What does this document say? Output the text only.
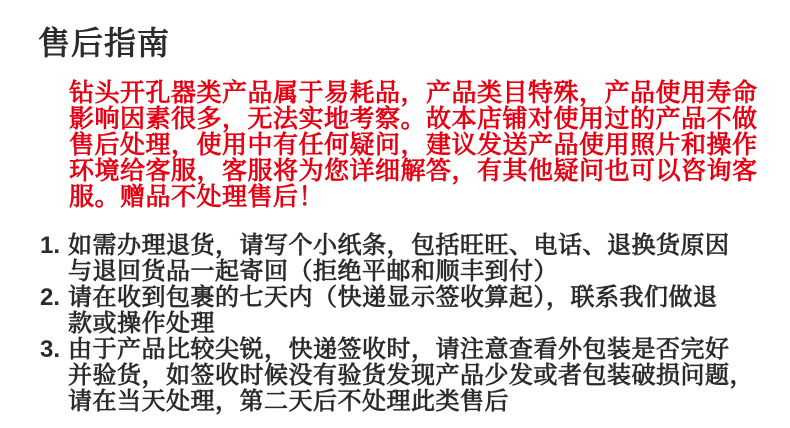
售后指南
钻头开孔器类产品属于易耗品，产品类目特殊，产品使用寿命
影响因素很多，无法实地考察。故本店铺对使用过的产品不做
售后处理，使用中有任何疑问，建议发送产品使用照片和操作
环境给客服，客服将为您详细解答，有其他疑问也可以咨询客
服。赠品不处理售后！
1. 如需办理退货，请写个小纸条，包括旺旺、电话、退换货原因
与退回货品一起寄回（拒绝平邮和顺丰到付）
2. 请在收到包裹的七天内（快递显示签收算起），联系我们做退
款或操作处理
3. 由于产品比较尖锐，快递签收时，请注意查看外包装是否完好
并验货，如签收时候没有验货发现产品少发或者包装破损问题，
请在当天处理，第二天后不处理此类售后
